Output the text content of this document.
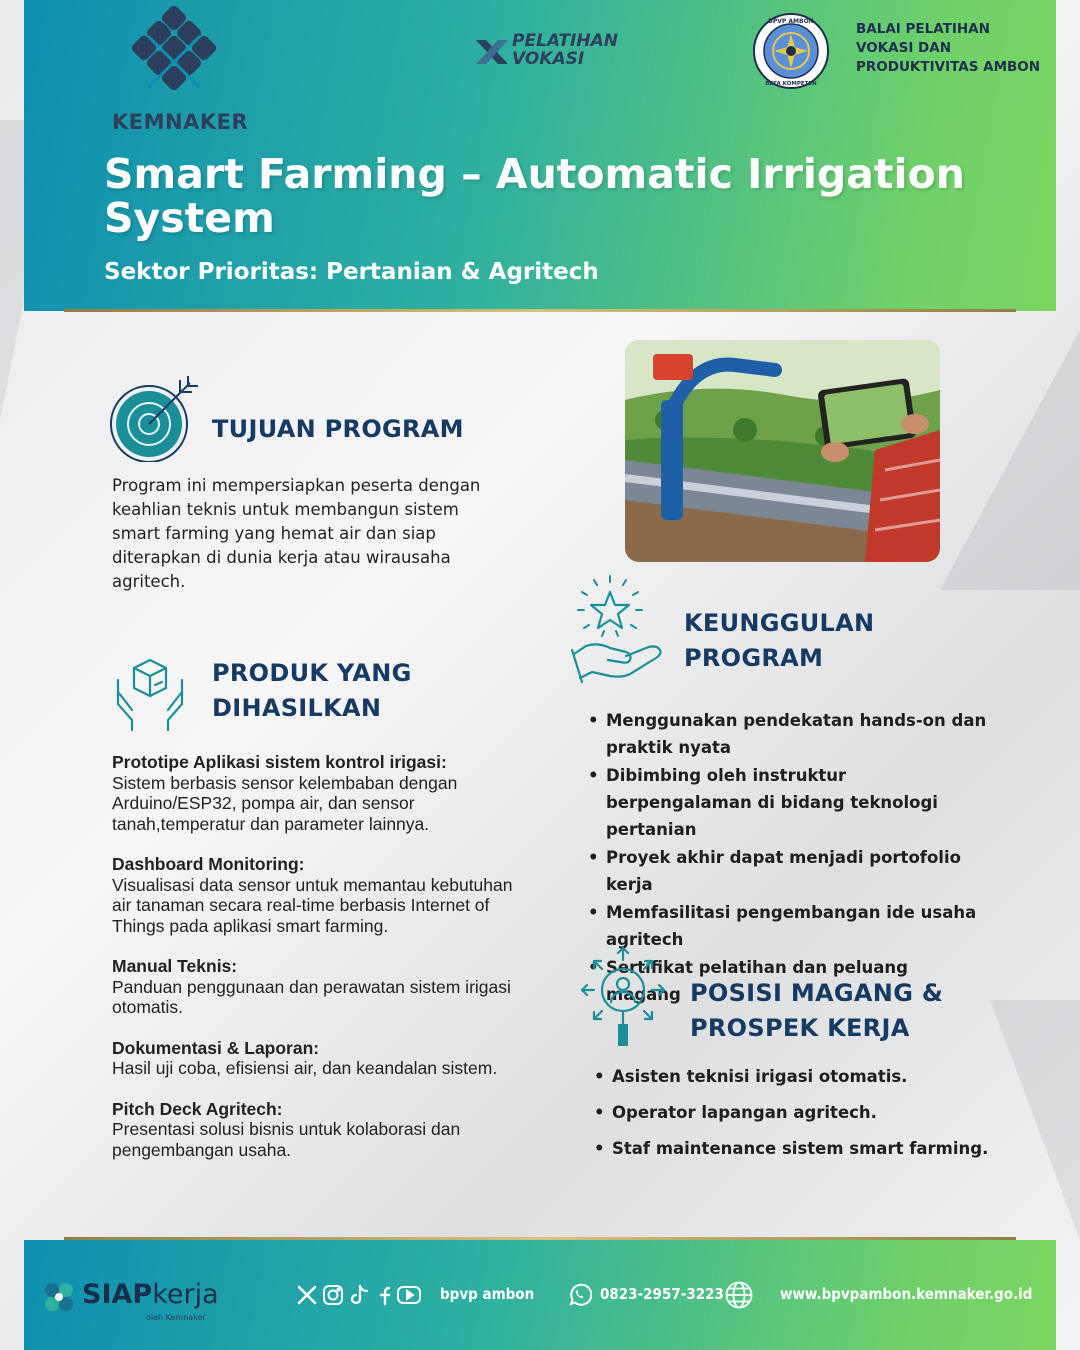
KEMNAKER
PELATIHAN
VOKASI
BPVP AMBON
BETA KOMPETEN
BALAI PELATIHAN
VOKASI DAN
PRODUKTIVITAS AMBON
Smart Farming – Automatic Irrigation System
Sektor Prioritas: Pertanian & Agritech
TUJUAN PROGRAM
Program ini mempersiapkan peserta dengan keahlian teknis untuk membangun sistem smart farming yang hemat air dan siap diterapkan di dunia kerja atau wirausaha agritech.
PRODUK YANG
DIHASILKAN
Prototipe Aplikasi sistem kontrol irigasi:
Sistem berbasis sensor kelembaban dengan Arduino/ESP32, pompa air, dan sensor tanah,temperatur dan parameter lainnya.
Dashboard Monitoring:
Visualisasi data sensor untuk memantau kebutuhan air tanaman secara real-time berbasis Internet of Things pada aplikasi smart farming.
Manual Teknis:
Panduan penggunaan dan perawatan sistem irigasi otomatis.
Dokumentasi & Laporan:
Hasil uji coba, efisiensi air, dan keandalan sistem.
Pitch Deck Agritech:
Presentasi solusi bisnis untuk kolaborasi dan pengembangan usaha.
KEUNGGULAN
PROGRAM
• Menggunakan pendekatan hands-on dan praktik nyata
• Dibimbing oleh instruktur berpengalaman di bidang teknologi pertanian
• Proyek akhir dapat menjadi portofolio kerja
• Memfasilitasi pengembangan ide usaha agritech
• Sertifikat pelatihan dan peluang magang POSISI MAGANG &
PROSPEK KERJA
• Asisten teknisi irigasi otomatis.
• Operator lapangan agritech.
• Staf maintenance sistem smart farming.
SIAPkerja
oleh Kemnaker
bpvp ambon	0823-2957-3223	www.bpvpambon.kemnaker.go.id
